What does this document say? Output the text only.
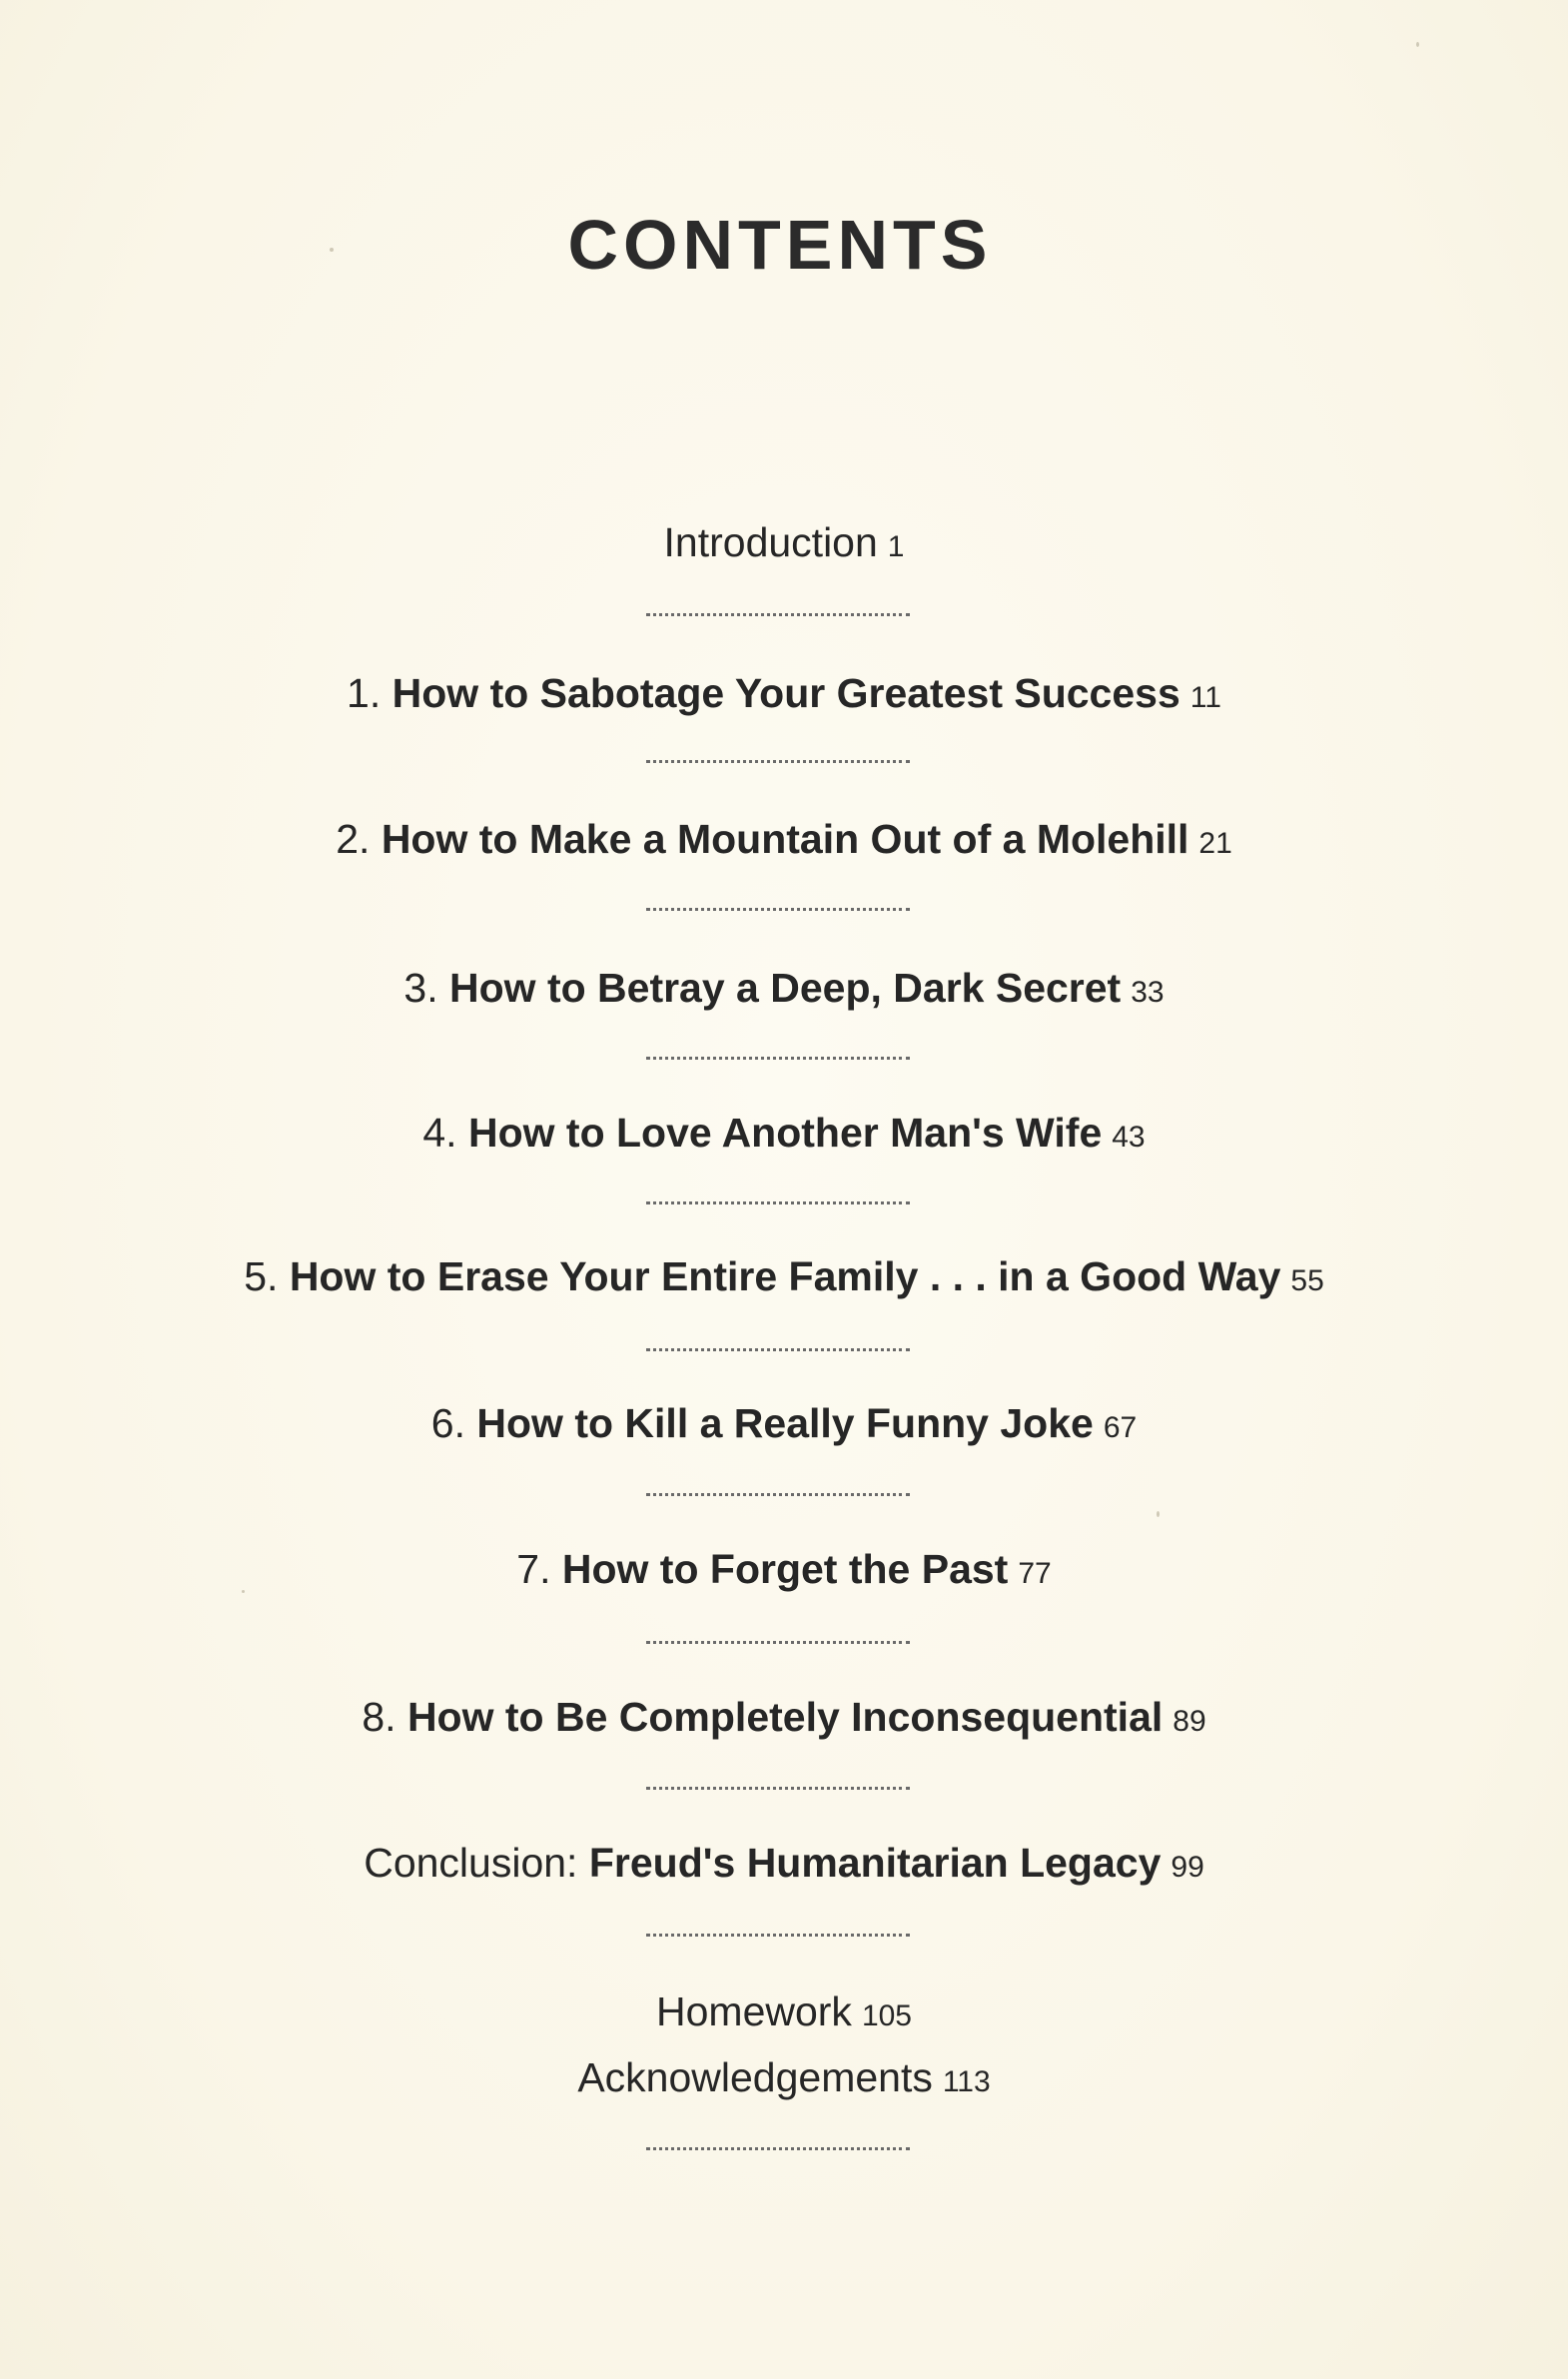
CONTENTS
Introduction 1
1. How to Sabotage Your Greatest Success 11
2. How to Make a Mountain Out of a Molehill 21
3. How to Betray a Deep, Dark Secret 33
4. How to Love Another Man's Wife 43
5. How to Erase Your Entire Family . . . in a Good Way 55
6. How to Kill a Really Funny Joke 67
7. How to Forget the Past 77
8. How to Be Completely Inconsequential 89
Conclusion: Freud's Humanitarian Legacy 99
Homework 105
Acknowledgements 113
